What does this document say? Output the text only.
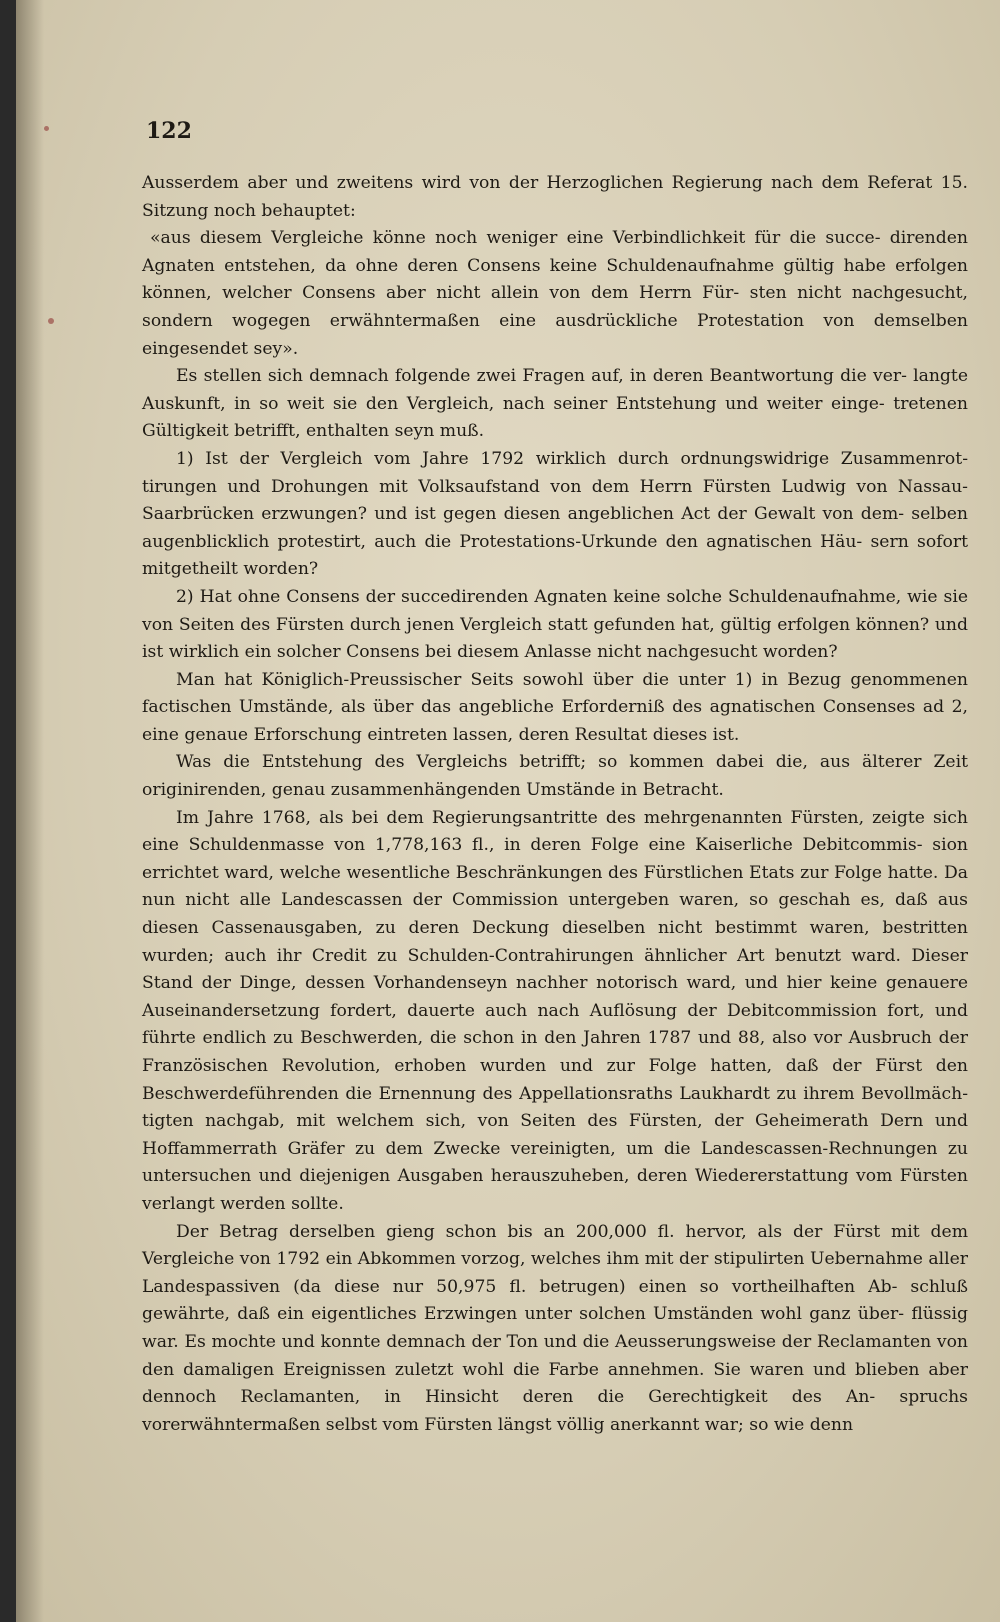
122

Ausserdem aber und zweitens wird von der Herzoglichen Regierung nach dem Referat 15. Sitzung noch behauptet:

«aus diesem Vergleiche könne noch weniger eine Verbindlichkeit für die succe- direnden Agnaten entstehen, da ohne deren Consens keine Schuldenaufnahme gültig habe erfolgen können, welcher Consens aber nicht allein von dem Herrn Für- sten nicht nachgesucht, sondern wogegen erwähntermaßen eine ausdrückliche Protestation von demselben eingesendet sey».

Es stellen sich demnach folgende zwei Fragen auf, in deren Beantwortung die ver- langte Auskunft, in so weit sie den Vergleich, nach seiner Entstehung und weiter einge- tretenen Gültigkeit betrifft, enthalten seyn muß.

1) Ist der Vergleich vom Jahre 1792 wirklich durch ordnungswidrige Zusammenrot- tirungen und Drohungen mit Volksaufstand von dem Herrn Fürsten Ludwig von Nassau- Saarbrücken erzwungen? und ist gegen diesen angeblichen Act der Gewalt von dem- selben augenblicklich protestirt, auch die Protestations-Urkunde den agnatischen Häu- sern sofort mitgetheilt worden?

2) Hat ohne Consens der succedirenden Agnaten keine solche Schuldenaufnahme, wie sie von Seiten des Fürsten durch jenen Vergleich statt gefunden hat, gültig erfolgen können? und ist wirklich ein solcher Consens bei diesem Anlasse nicht nachgesucht worden?

Man hat Königlich-Preussischer Seits sowohl über die unter 1) in Bezug genommenen factischen Umstände, als über das angebliche Erforderniß des agnatischen Consenses ad 2, eine genaue Erforschung eintreten lassen, deren Resultat dieses ist.

Was die Entstehung des Vergleichs betrifft; so kommen dabei die, aus älterer Zeit originirenden, genau zusammenhängenden Umstände in Betracht.

Im Jahre 1768, als bei dem Regierungsantritte des mehrgenannten Fürsten, zeigte sich eine Schuldenmasse von 1,778,163 fl., in deren Folge eine Kaiserliche Debitcommis- sion errichtet ward, welche wesentliche Beschränkungen des Fürstlichen Etats zur Folge hatte. Da nun nicht alle Landescassen der Commission untergeben waren, so geschah es, daß aus diesen Cassenausgaben, zu deren Deckung dieselben nicht bestimmt waren, bestritten wurden; auch ihr Credit zu Schulden-Contrahirungen ähnlicher Art benutzt ward. Dieser Stand der Dinge, dessen Vorhandenseyn nachher notorisch ward, und hier keine genauere Auseinandersetzung fordert, dauerte auch nach Auflösung der Debitcommission fort, und führte endlich zu Beschwerden, die schon in den Jahren 1787 und 88, also vor Ausbruch der Französischen Revolution, erhoben wurden und zur Folge hatten, daß der Fürst den Beschwerdeführenden die Ernennung des Appellationsraths Laukhardt zu ihrem Bevollmäch- tigten nachgab, mit welchem sich, von Seiten des Fürsten, der Geheimerath Dern und Hoffammerrath Gräfer zu dem Zwecke vereinigten, um die Landescassen-Rechnungen zu untersuchen und diejenigen Ausgaben herauszuheben, deren Wiedererstattung vom Fürsten verlangt werden sollte.

Der Betrag derselben gieng schon bis an 200,000 fl. hervor, als der Fürst mit dem Vergleiche von 1792 ein Abkommen vorzog, welches ihm mit der stipulirten Uebernahme aller Landespassiven (da diese nur 50,975 fl. betrugen) einen so vortheilhaften Ab- schluß gewährte, daß ein eigentliches Erzwingen unter solchen Umständen wohl ganz über- flüssig war. Es mochte und konnte demnach der Ton und die Aeusserungsweise der Reclamanten von den damaligen Ereignissen zuletzt wohl die Farbe annehmen. Sie waren und blieben aber dennoch Reclamanten, in Hinsicht deren die Gerechtigkeit des An- spruchs vorerwähntermaßen selbst vom Fürsten längst völlig anerkannt war; so wie denn
